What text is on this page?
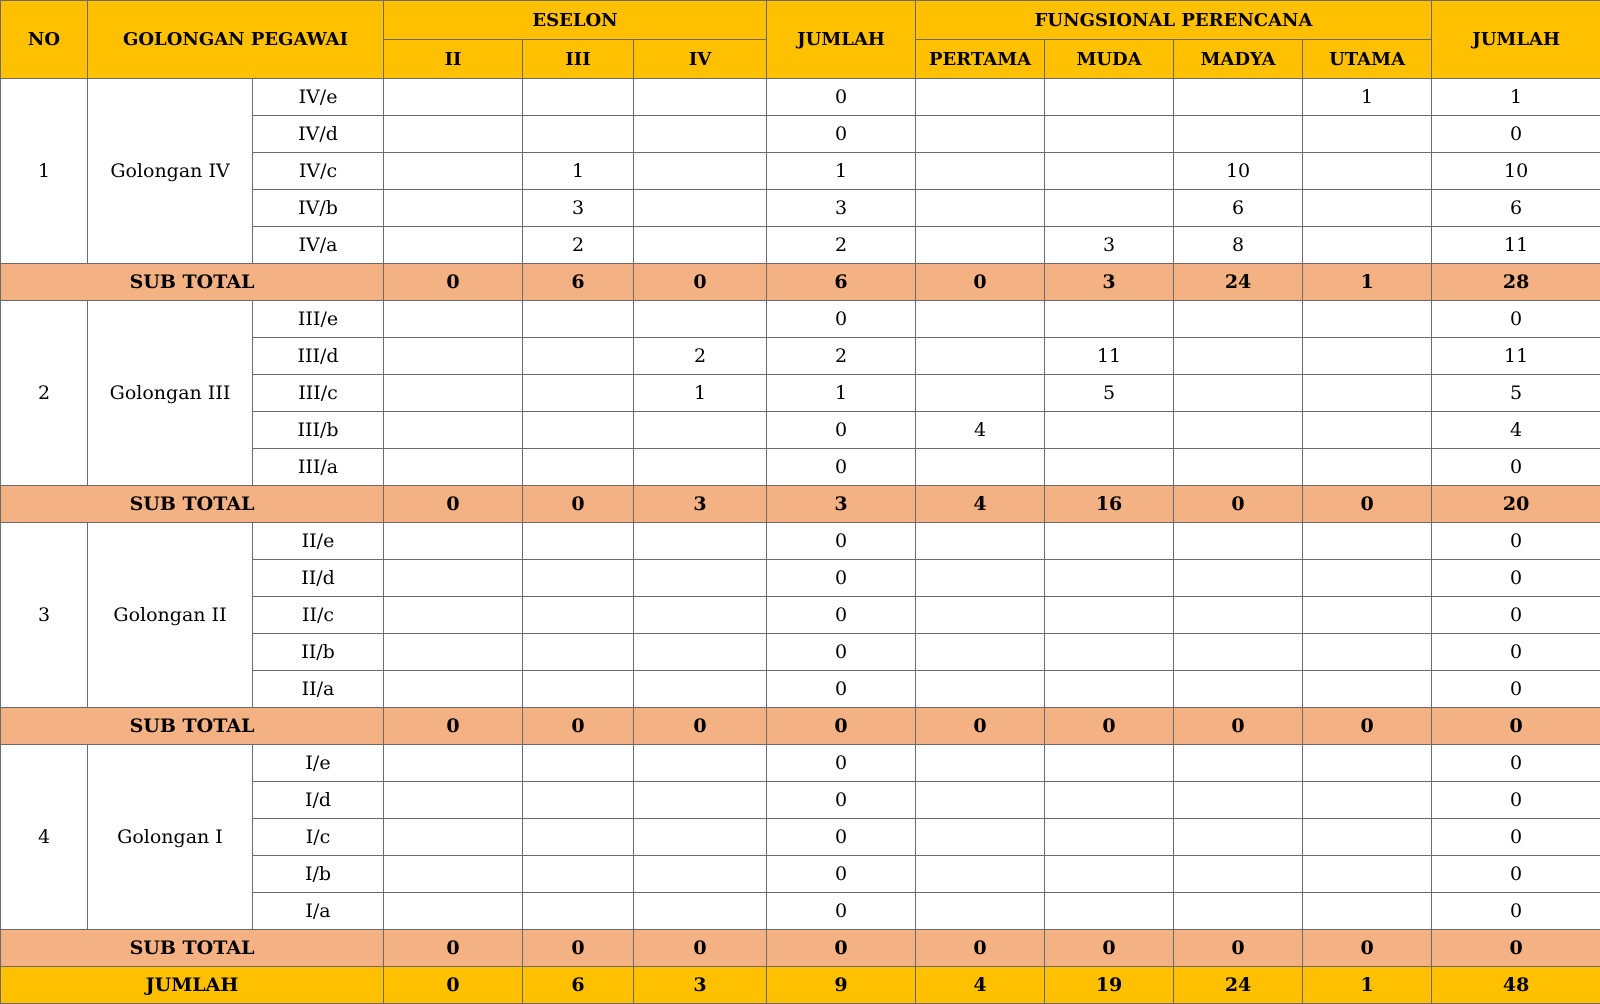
NO	GOLONGAN PEGAWAI		ESELON			JUMLAH	FUNGSIONAL PERENCANA				JUMLAH
			II	III	IV		PERTAMA	MUDA	MADYA	UTAMA	
1	Golongan IV	IV/e				0				1	1
		IV/d				0					0
		IV/c		1		1			10		10
		IV/b		3		3			6		6
		IV/a		2		2		3	8		11
SUB TOTAL			0	6	0	6	0	3	24	1	28
2	Golongan III	III/e				0					0
		III/d			2	2		11			11
		III/c			1	1		5			5
		III/b				0	4				4
		III/a				0					0
SUB TOTAL			0	0	3	3	4	16	0	0	20
3	Golongan II	II/e				0					0
		II/d				0					0
		II/c				0					0
		II/b				0					0
		II/a				0					0
SUB TOTAL			0	0	0	0	0	0	0	0	0
4	Golongan I	I/e				0					0
		I/d				0					0
		I/c				0					0
		I/b				0					0
		I/a				0					0
SUB TOTAL			0	0	0	0	0	0	0	0	0
JUMLAH			0	6	3	9	4	19	24	1	48
